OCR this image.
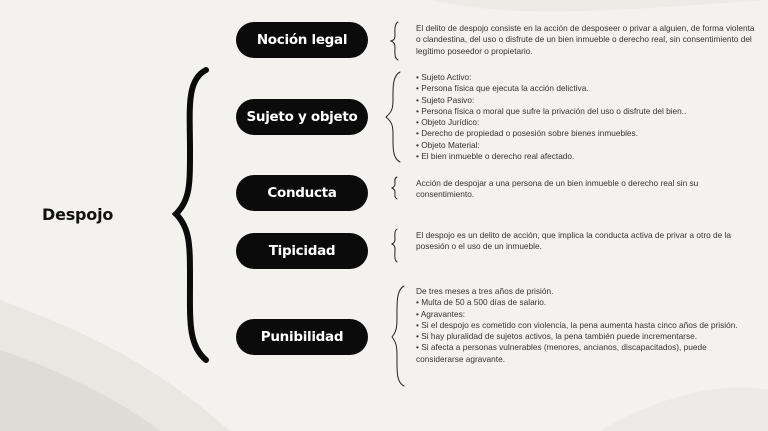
Despojo
Noción legal
Sujeto y objeto
Conducta
Tipicidad
Punibilidad
El delito de despojo consiste en la acción de desposeer o privar a alguien, de forma violenta o clandestina, del uso o disfrute de un bien inmueble o derecho real, sin consentimiento del legítimo poseedor o propietario.
• Sujeto Activo:
• Persona física que ejecuta la acción delictiva.
• Sujeto Pasivo:
• Persona física o moral que sufre la privación del uso o disfrute del bien..
• Objeto Jurídico:
• Derecho de propiedad o posesión sobre bienes inmuebles.
• Objeto Material:
• El bien inmueble o derecho real afectado.
Acción de despojar a una persona de un bien inmueble o derecho real sin su consentimiento.
El despojo es un delito de acción, que implica la conducta activa de privar a otro de la posesión o el uso de un inmueble.
De tres meses a tres años de prisión.
• Multa de 50 a 500 días de salario.
• Agravantes:
• Si el despojo es cometido con violencia, la pena aumenta hasta cinco años de prisión.
• Si hay pluralidad de sujetos activos, la pena también puede incrementarse.
• Si afecta a personas vulnerables (menores, ancianos, discapacitados), puede considerarse agravante.
